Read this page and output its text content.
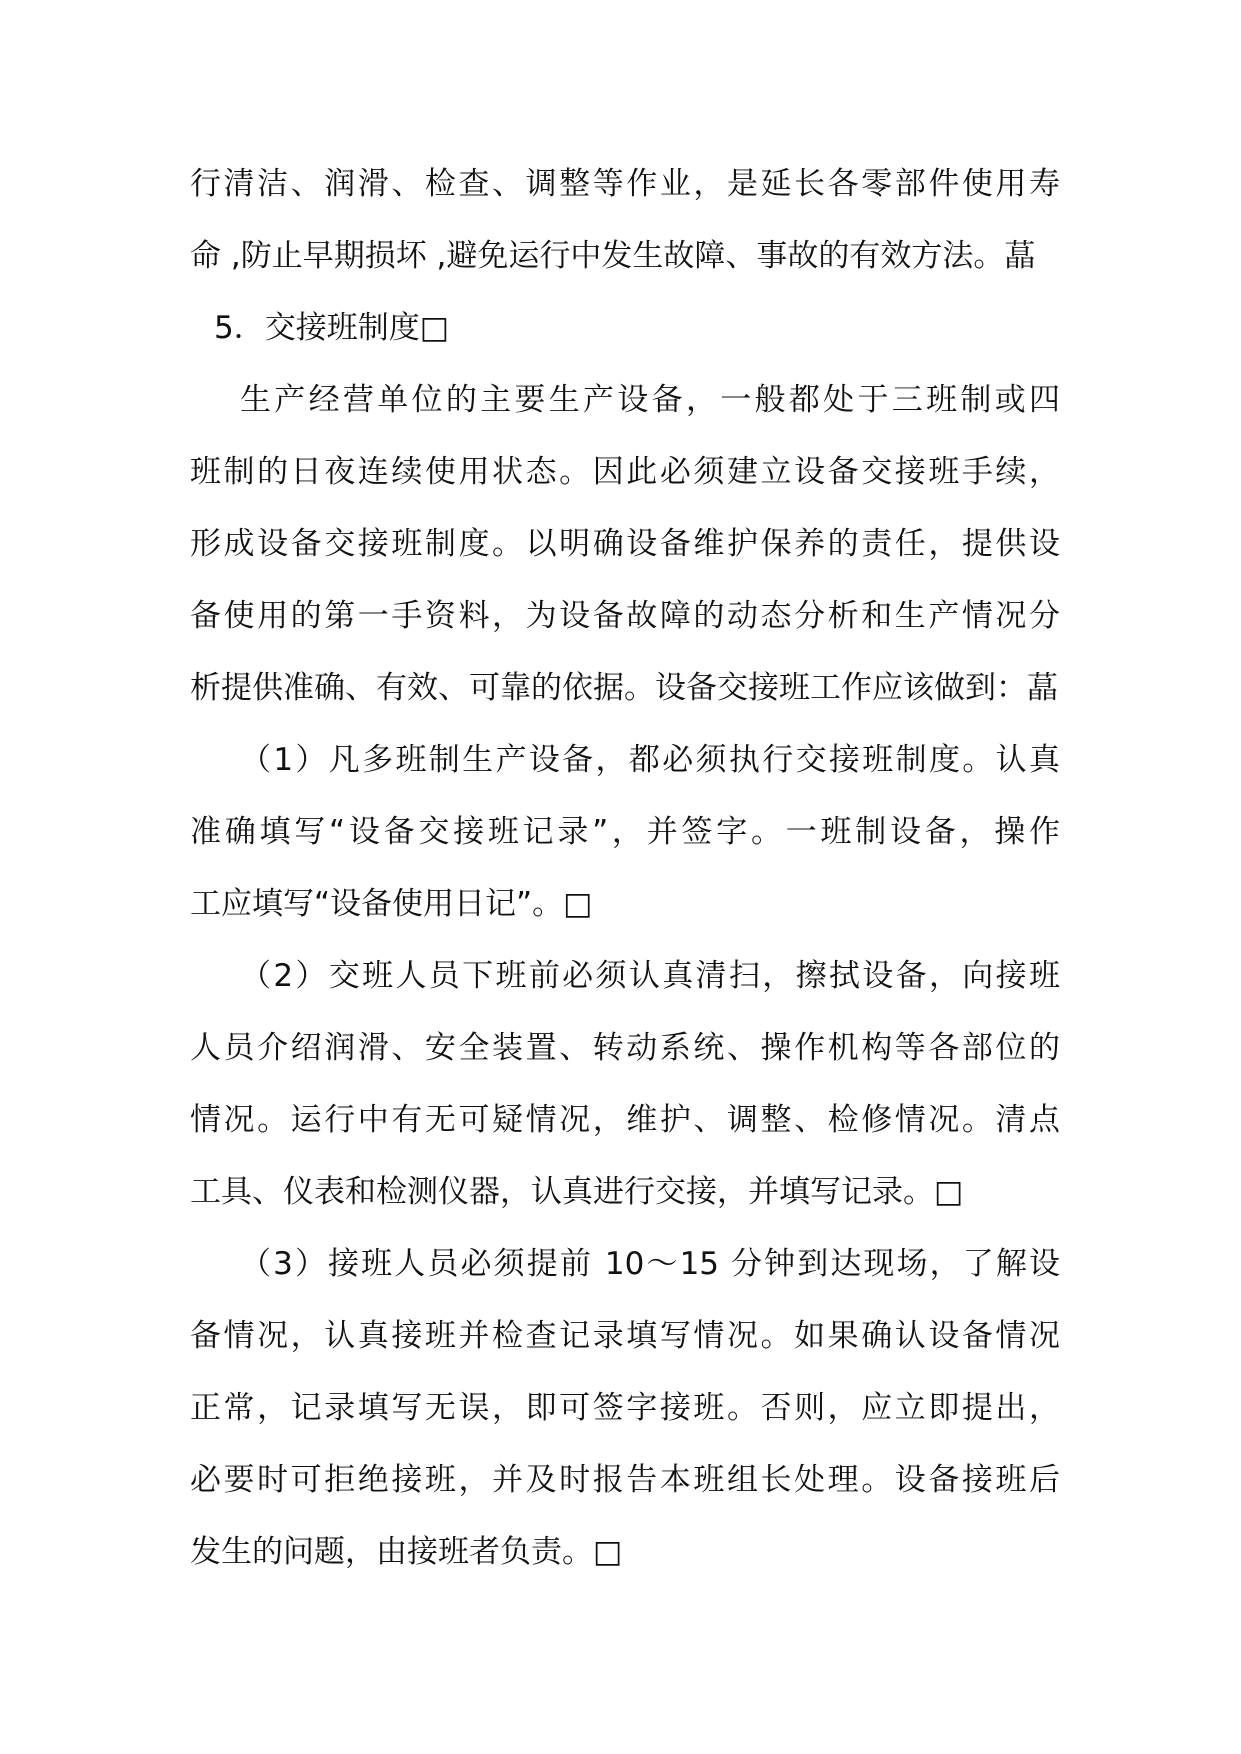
行清洁、润滑、检查、调整等作业，是延长各零部件使用寿
命 ,防止早期损坏 ,避免运行中发生故障、事故的有效方法。蕌
5．交接班制度□
生产经营单位的主要生产设备，一般都处于三班制或四
班制的日夜连续使用状态。因此必须建立设备交接班手续，
形成设备交接班制度。以明确设备维护保养的责任，提供设
备使用的第一手资料，为设备故障的动态分析和生产情况分
析提供准确、有效、可靠的依据。设备交接班工作应该做到：蕌
（1）凡多班制生产设备，都必须执行交接班制度。认真
准确填写“设备交接班记录”，并签字。一班制设备，操作
工应填写“设备使用日记”。□
（2）交班人员下班前必须认真清扫，擦拭设备，向接班
人员介绍润滑、安全装置、转动系统、操作机构等各部位的
情况。运行中有无可疑情况，维护、调整、检修情况。清点
工具、仪表和检测仪器，认真进行交接，并填写记录。□
（3）接班人员必须提前 10～15 分钟到达现场，了解设
备情况，认真接班并检查记录填写情况。如果确认设备情况
正常，记录填写无误，即可签字接班。否则，应立即提出，
必要时可拒绝接班，并及时报告本班组长处理。设备接班后
发生的问题，由接班者负责。□
